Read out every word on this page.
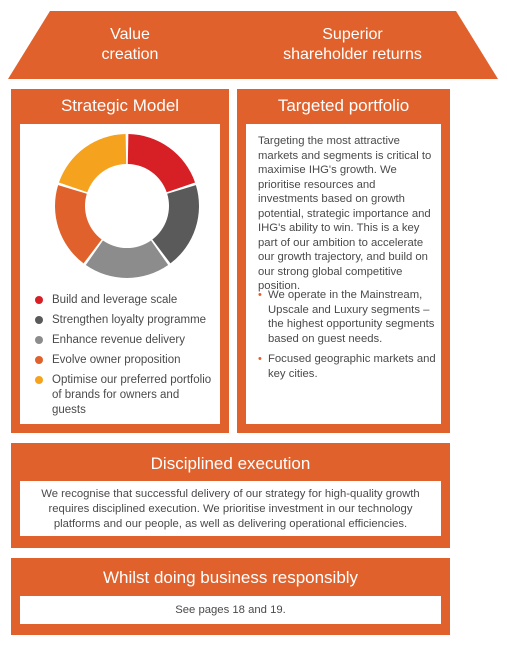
Value
creation
Superior
shareholder returns
Strategic Model
Build and leverage scale
Strengthen loyalty programme
Enhance revenue delivery
Evolve owner proposition
Optimise our preferred portfolio of brands for owners and guests
Targeted portfolio
Targeting the most attractive markets and segments is critical to maximise IHG's growth. We prioritise resources and investments based on growth potential, strategic importance and IHG's ability to win. This is a key part of our ambition to accelerate our growth trajectory, and build on our strong global competitive position.
• We operate in the Mainstream, Upscale and Luxury segments – the highest opportunity segments based on guest needs.
• Focused geographic markets and key cities.
Disciplined execution
We recognise that successful delivery of our strategy for high-quality growth requires disciplined execution. We prioritise investment in our technology platforms and our people, as well as delivering operational efficiencies.
Whilst doing business responsibly
See pages 18 and 19.
